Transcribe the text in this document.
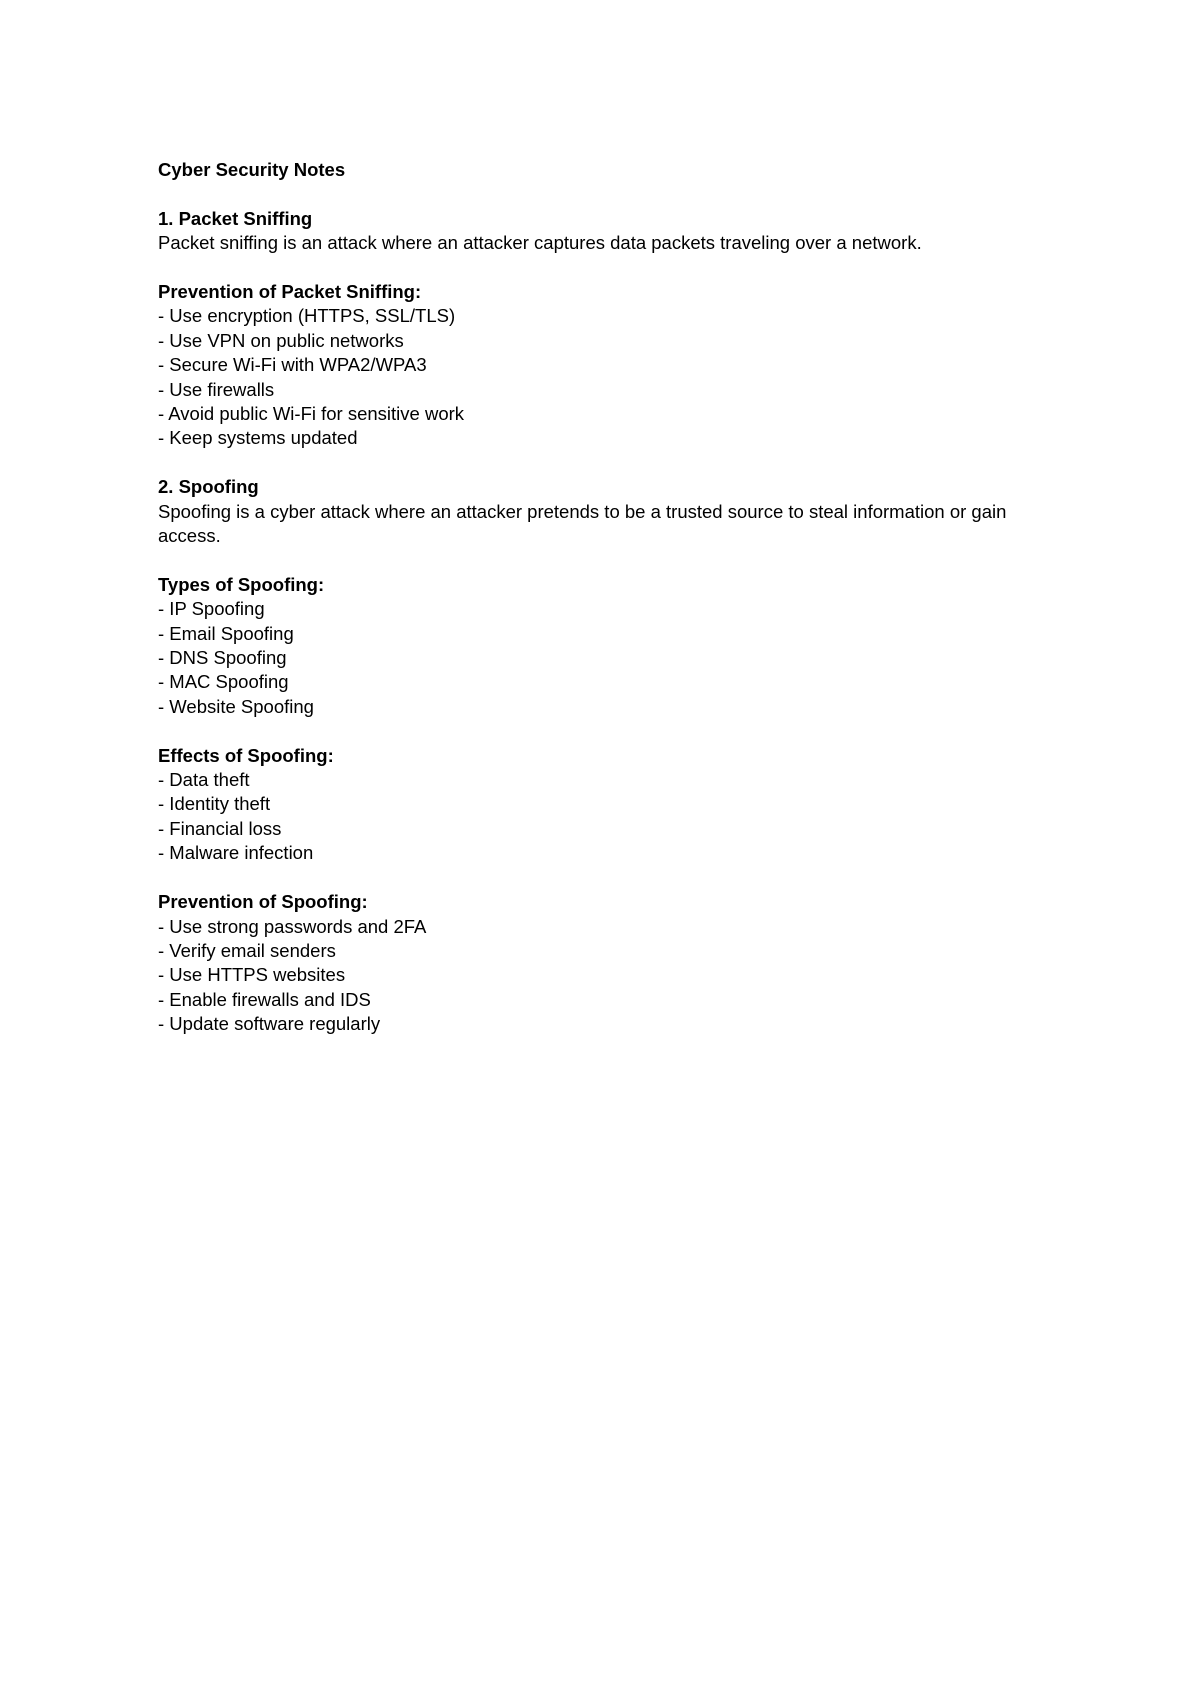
Cyber Security Notes
1. Packet Sniffing
Packet sniffing is an attack where an attacker captures data packets traveling over a network.
Prevention of Packet Sniffing:
- Use encryption (HTTPS, SSL/TLS)
- Use VPN on public networks
- Secure Wi-Fi with WPA2/WPA3
- Use firewalls
- Avoid public Wi-Fi for sensitive work
- Keep systems updated
2. Spoofing
Spoofing is a cyber attack where an attacker pretends to be a trusted source to steal information or gain access.
Types of Spoofing:
- IP Spoofing
- Email Spoofing
- DNS Spoofing
- MAC Spoofing
- Website Spoofing
Effects of Spoofing:
- Data theft
- Identity theft
- Financial loss
- Malware infection
Prevention of Spoofing:
- Use strong passwords and 2FA
- Verify email senders
- Use HTTPS websites
- Enable firewalls and IDS
- Update software regularly
